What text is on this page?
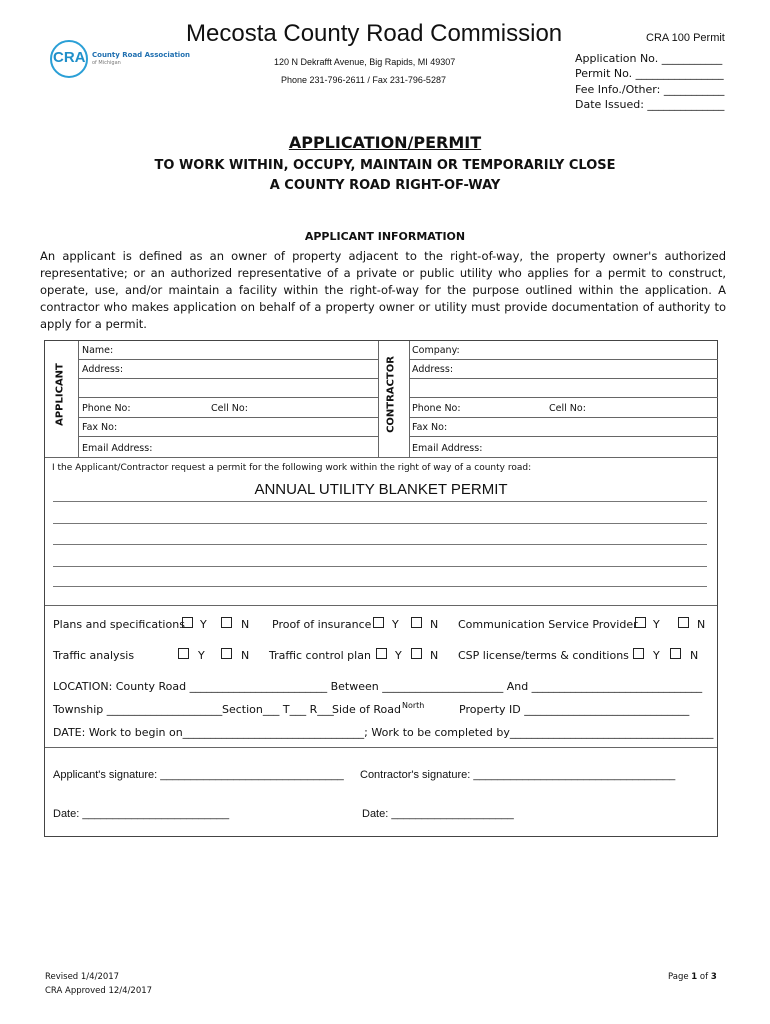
CRA County Road Association
of Michigan
Mecosta County Road Commission
120 N Dekrafft Avenue, Big Rapids, MI 49307
Phone 231-796-2611 / Fax 231-796-5287
CRA 100 Permit
Application No. ___________
Permit No. ________________
Fee Info./Other: ___________
Date Issued: ______________
APPLICATION/PERMIT
TO WORK WITHIN, OCCUPY, MAINTAIN OR TEMPORARILY CLOSE
A COUNTY ROAD RIGHT-OF-WAY
APPLICANT INFORMATION
An applicant is defined as an owner of property adjacent to the right-of-way, the property owner's authorized representative; or an authorized representative of a private or public utility who applies for a permit to construct, operate, use, and/or maintain a facility within the right-of-way for the purpose outlined within the application. A contractor who makes application on behalf of a property owner or utility must provide documentation of authority to apply for a permit.
APPLICANT	CONTRACTOR
Name:
Address:
Phone No:	Cell No:
Fax No:
Email Address:
Company:
Address:
Phone No:	Cell No:
Fax No:
Email Address:
I the Applicant/Contractor request a permit for the following work within the right of way of a county road:
ANNUAL UTILITY BLANKET PERMIT
Plans and specifications Y	N Proof of insurance Y	N Communication Service Provider Y	N
Traffic analysis	Y	N Traffic control plan Y	N CSP license/terms & conditions Y	N
LOCATION: County Road _________________________ Between ______________________ And _______________________________
Township _____________________ Section___ T___ R___
Side of Road North	Property ID ______________________________
DATE: Work to begin on_________________________________; Work to be completed by_____________________________________
Applicant's signature: ______________________________ Contractor's signature: _________________________________
Date: ________________________	Date: ____________________
Revised 1/4/2017
CRA Approved 12/4/2017
Page 1 of 3
